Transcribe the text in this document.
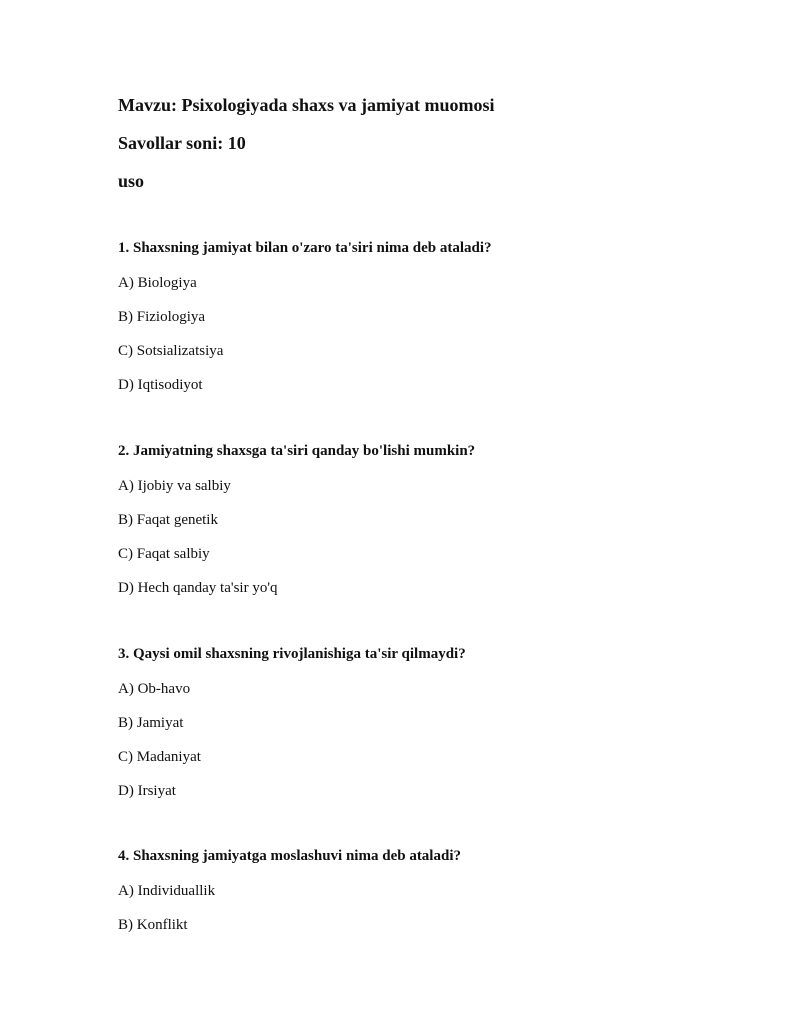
Mavzu: Psixologiyada shaxs va jamiyat muomosi
Savollar soni: 10
uso
1. Shaxsning jamiyat bilan o'zaro ta'siri nima deb ataladi?
A) Biologiya
B) Fiziologiya
C) Sotsializatsiya
D) Iqtisodiyot
2. Jamiyatning shaxsga ta'siri qanday bo'lishi mumkin?
A) Ijobiy va salbiy
B) Faqat genetik
C) Faqat salbiy
D) Hech qanday ta'sir yo'q
3. Qaysi omil shaxsning rivojlanishiga ta'sir qilmaydi?
A) Ob-havo
B) Jamiyat
C) Madaniyat
D) Irsiyat
4. Shaxsning jamiyatga moslashuvi nima deb ataladi?
A) Individuallik
B) Konflikt
